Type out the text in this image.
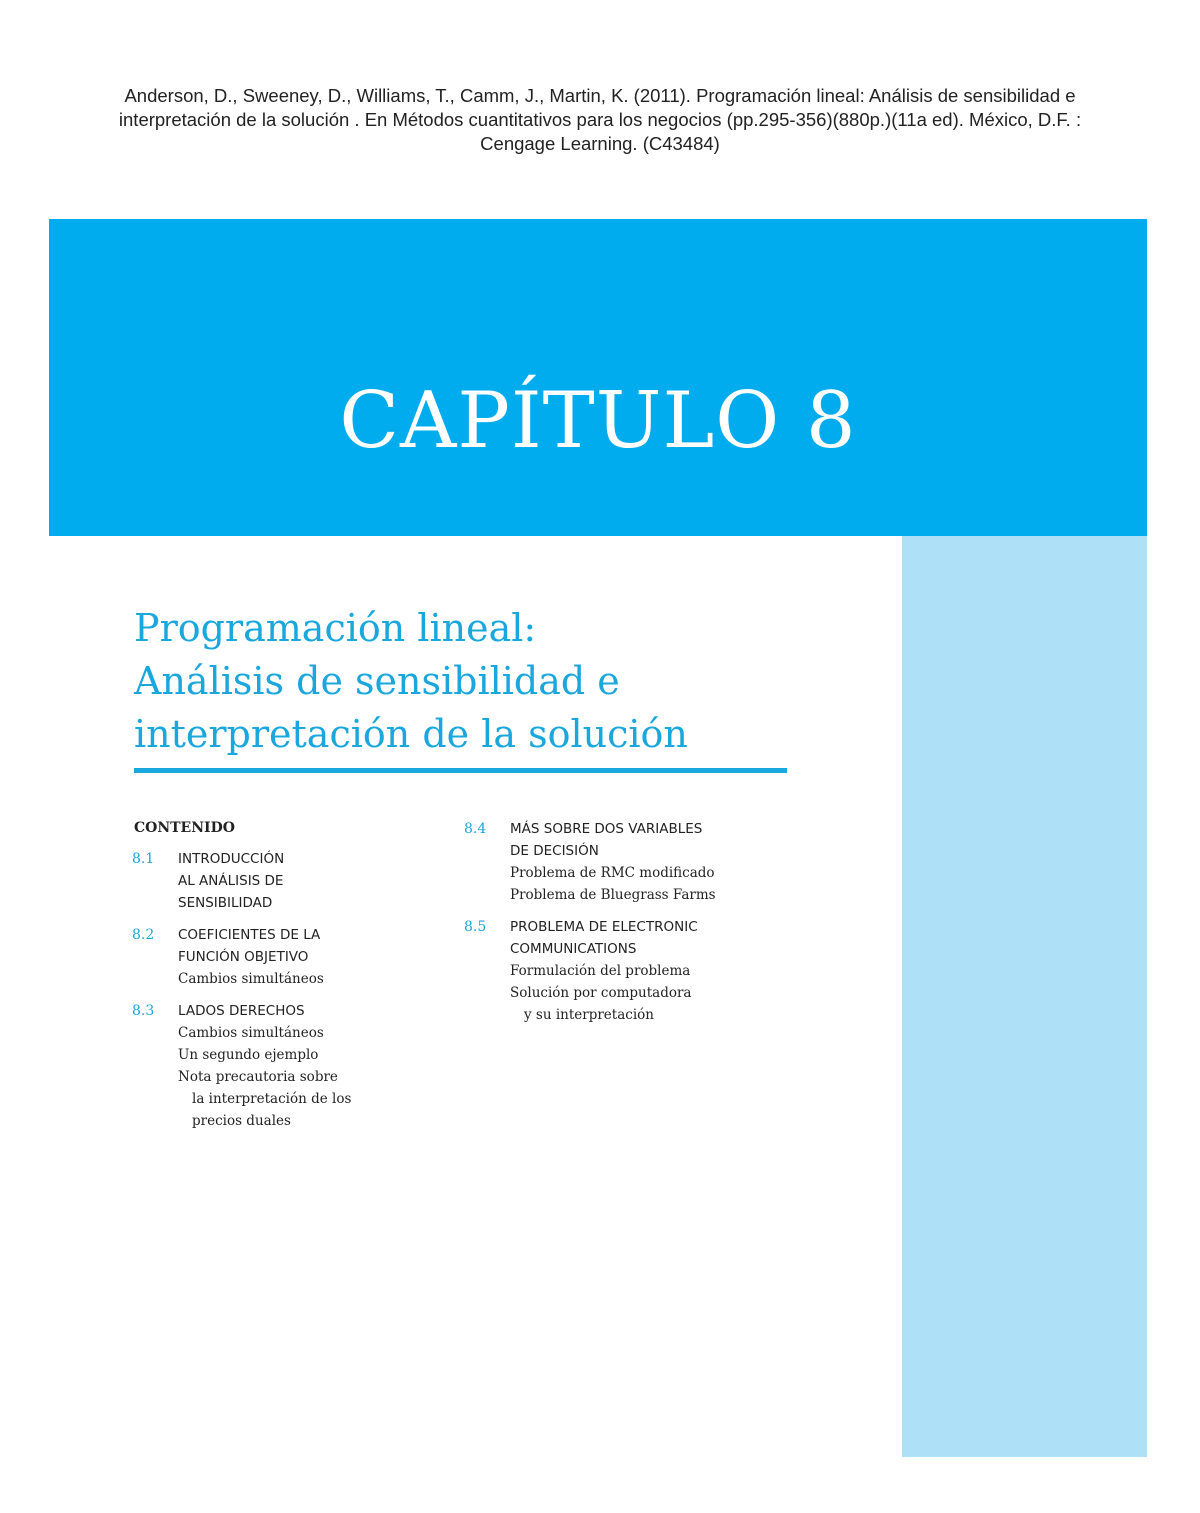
Anderson, D., Sweeney, D., Williams, T., Camm, J., Martin, K. (2011). Programación lineal: Análisis de sensibilidad e
interpretación de la solución . En Métodos cuantitativos para los negocios (pp.295-356)(880p.)(11a ed). México, D.F. :
Cengage Learning. (C43484)
CAPÍTULO 8
Programación lineal:
Análisis de sensibilidad e
interpretación de la solución
CONTENIDO
8.1 INTRODUCCIÓN
AL ANÁLISIS DE
SENSIBILIDAD
8.2 COEFICIENTES DE LA
FUNCIÓN OBJETIVO
Cambios simultáneos
8.3 LADOS DERECHOS
Cambios simultáneos
Un segundo ejemplo
Nota precautoria sobre
la interpretación de los
precios duales
8.4 MÁS SOBRE DOS VARIABLES
DE DECISIÓN
Problema de RMC modificado
Problema de Bluegrass Farms
8.5 PROBLEMA DE ELECTRONIC
COMMUNICATIONS
Formulación del problema
Solución por computadora
y su interpretación
